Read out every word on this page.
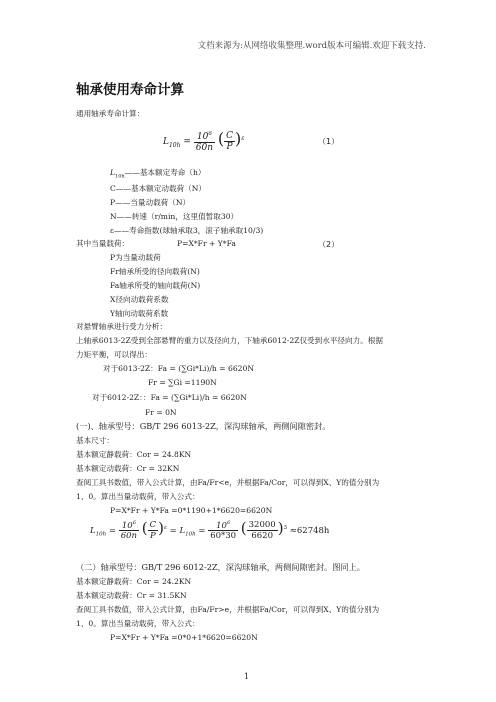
文档来源为:从网络收集整理.word版本可编辑.欢迎下载支持.
轴承使用寿命计算
通用轴承寿命计算：
$L_{10h} = \frac{10^6}{60n}$ ( $\frac{C}{P} )^\varepsilon$	（1）
$L_{10h}——$基本额定寿命（h）
C——基本额定动载荷（N）
P——当量动载荷（N）
N——转速（r/min，这里值暂取30）
ε——寿命指数(球轴承取3，滚子轴承取10/3)
其中当量载荷：	P=X*Fr + Y*Fa	（2）
P为当量动载荷
Fr轴承所受的径向载荷(N)
Fa轴承所受的轴向载荷(N)
X径向动载荷系数
Y轴向动载荷系数
对悬臂轴承进行受力分析：
上轴承6013-2Z受到全部悬臂的重力以及径向力，下轴承6012-2Z仅受到水平径向力。根据
力矩平衡，可以得出：
对于6013-2Z：Fa = (∑Gi*Li)/h = 6620N
Fr = ∑Gi =1190N
对于6012-2Z：：Fa = (∑Gi*Li)/h = 6620N
Fr = 0N
(一)、轴承型号：GB/T 296 6013-2Z，深沟球轴承，两侧间隙密封。
基本尺寸：
基本额定静载荷：Cor = 24.8KN
基本额定动载荷：Cr = 32KN
查阅工具书数值，带入公式计算，由Fa/Fr<e，并根据Fa/Cor，可以得到X、Y的值分别为
1、0。算出当量动载荷，带入公式：
P=X*Fr + Y*Fa =0*1190+1*6620=6620N
$L_{10h} = \frac{10^6}{60n}$ ( $\frac{C}{P} )^\varepsilon = L_{10h} = \frac{10^6}{60*30}$ ( $\frac{32000}{6620} )^3 \approx 62748h$
（二）轴承型号：GB/T 296 6012-2Z，深沟球轴承，两侧间隙密封。图同上。
基本额定静载荷：Cor = 24.2KN
基本额定动载荷：Cr = 31.5KN
查阅工具书数值，带入公式计算，由Fa/Fr>e，并根据Fa/Cor，可以得到X、Y的值分别为
1、0。算出当量动载荷，带入公式：
P=X*Fr + Y*Fa =0*0+1*6620=6620N
1
